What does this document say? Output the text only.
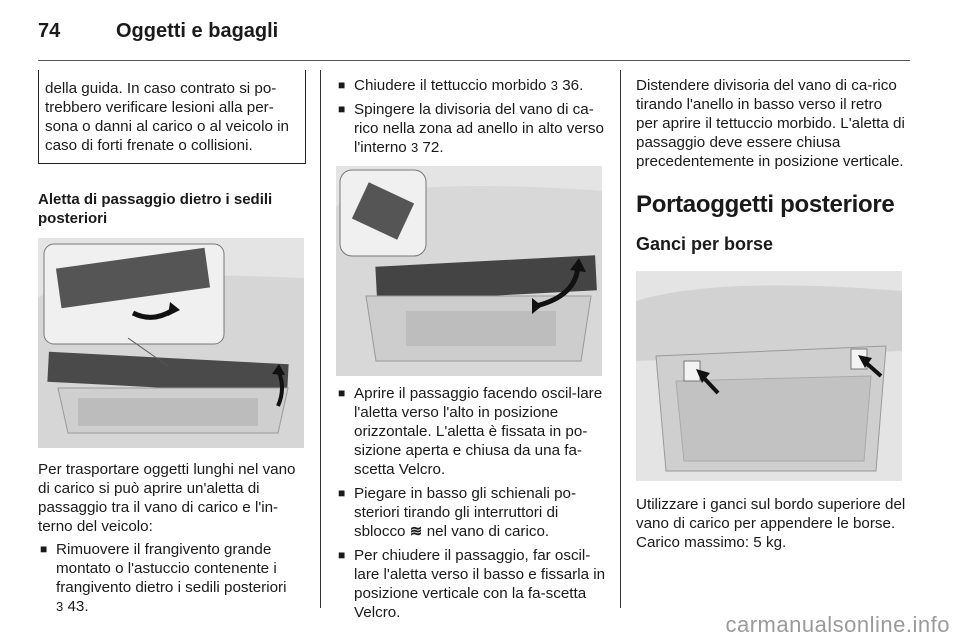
74	Oggetti e bagagli

della guida. In caso contrato si po-trebbero verificare lesioni alla per-sona o danni al carico o al veicolo in caso di forti frenate o collisioni.

Aletta di passaggio dietro i sedili posteriori

Per trasportare oggetti lunghi nel vano di carico si può aprire un'aletta di passaggio tra il vano di carico e l'in-terno del veicolo:

■ Rimuovere il frangivento grande montato o l'astuccio contenente i frangivento dietro i sedili posteriori
3 43.
■ Chiudere il tettuccio morbido 3 36.
■ Spingere la divisoria del vano di ca-rico nella zona ad anello in alto verso l'interno 3 72.
■ Aprire il passaggio facendo oscil-lare l'aletta verso l'alto in posizione orizzontale. L'aletta è fissata in po-sizione aperta e chiusa da una fa-scetta Velcro.
■ Piegare in basso gli schienali po-steriori tirando gli interruttori di sblocco ≋ nel vano di carico.
■ Per chiudere il passaggio, far oscil-lare l'aletta verso il basso e fissarla in posizione verticale con la fa-scetta Velcro.

Distendere divisoria del vano di ca-rico tirando l'anello in basso verso il retro per aprire il tettuccio morbido. L'aletta di passaggio deve essere chiusa precedentemente in posizione verticale.

Portaoggetti posteriore

Ganci per borse

Utilizzare i ganci sul bordo superiore del vano di carico per appendere le borse. Carico massimo: 5 kg.

carmanualsonline.info
